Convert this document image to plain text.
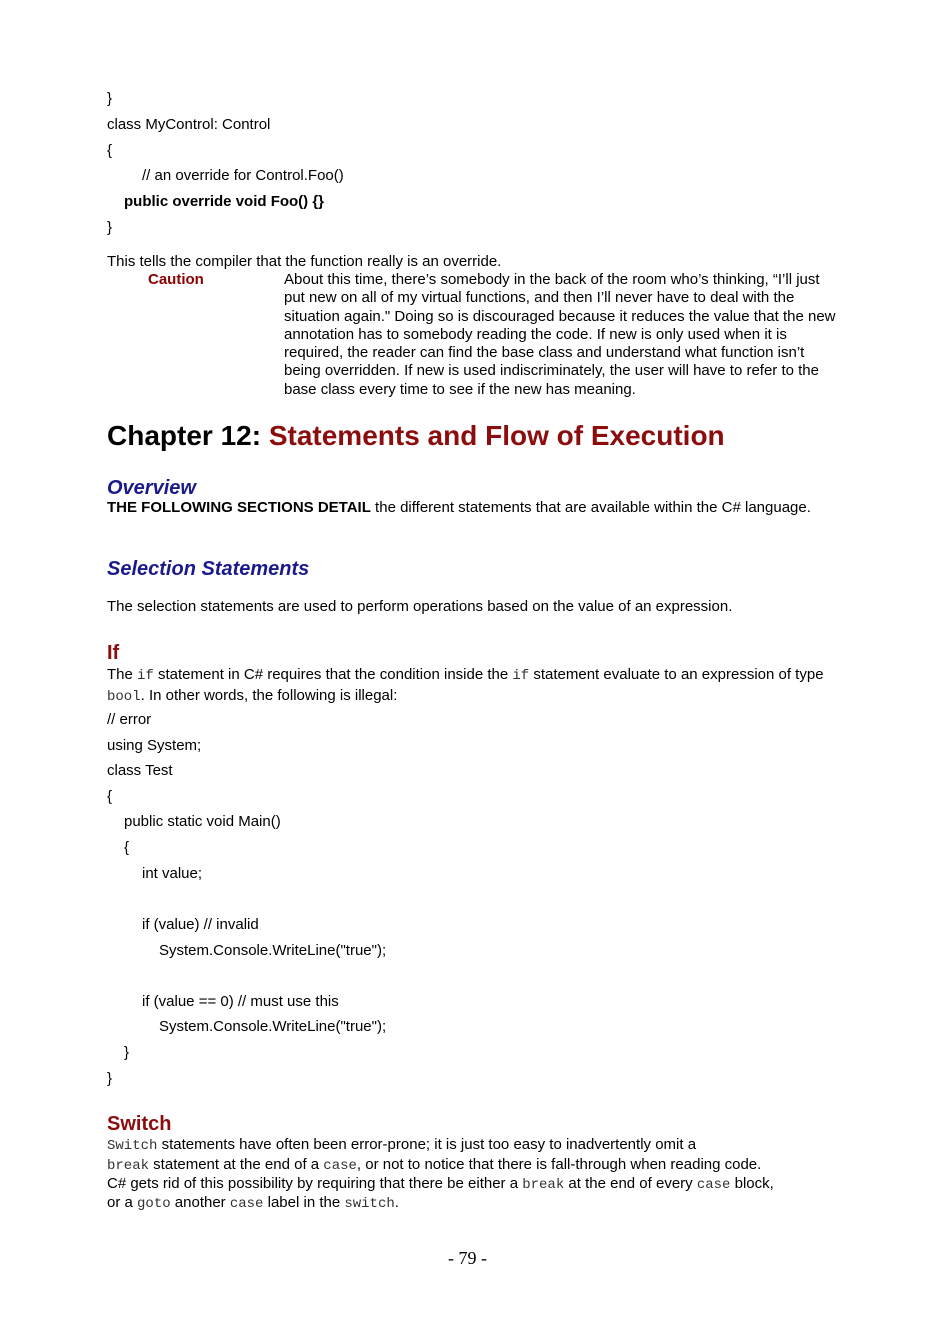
}
class MyControl: Control
{
// an override for Control.Foo()
public override void Foo() {}
}
This tells the compiler that the function really is an override.
Caution	About this time, there’s somebody in the back of the room who’s thinking, “I’ll just put new on all of my virtual functions, and then I’ll never have to deal with the situation again." Doing so is discouraged because it reduces the value that the new annotation has to somebody reading the code. If new is only used when it is required, the reader can find the base class and understand what function isn’t being overridden. If new is used indiscriminately, the user will have to refer to the base class every time to see if the new has meaning.
Chapter 12: Statements and Flow of Execution
Overview
THE FOLLOWING SECTIONS DETAIL the different statements that are available within the C# language.
Selection Statements
The selection statements are used to perform operations based on the value of an expression.
If
The if statement in C# requires that the condition inside the if statement evaluate to an expression of type bool. In other words, the following is illegal:
// error
using System;
class Test
{
public static void Main()
{
int value;
if (value) // invalid
System.Console.WriteLine("true");
if (value == 0) // must use this
System.Console.WriteLine("true");
}
}
Switch
Switch statements have often been error-prone; it is just too easy to inadvertently omit a
break statement at the end of a case, or not to notice that there is fall-through when reading code.
C# gets rid of this possibility by requiring that there be either a break at the end of every case block,
or a goto another case label in the switch.
- 79 -
